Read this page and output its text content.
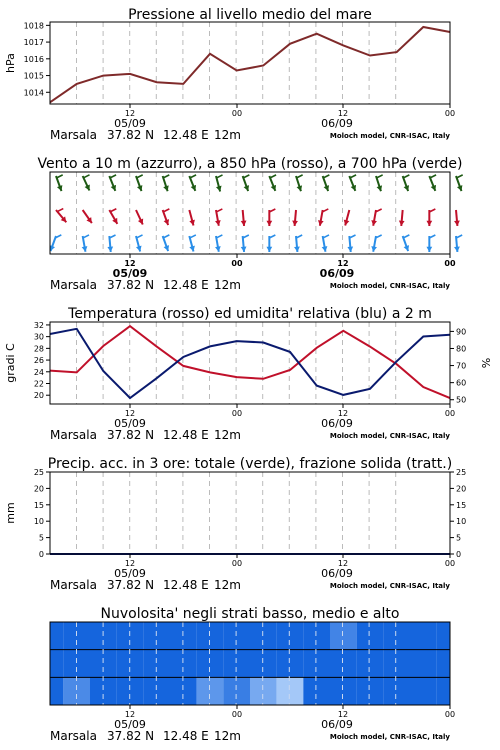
Pressione al livello medio del mare
1014
1015
1016
1017
1018
hPa
12	00	12	00
05/09	06/09
Marsala 37.82 N 12.48 E 12m	Moloch model, CNR-ISAC, Italy
Vento a 10 m (azzurro), a 850 hPa (rosso), a 700 hPa (verde)
12	00	12	00
05/09	06/09
Marsala 37.82 N 12.48 E 12m	Moloch model, CNR-ISAC, Italy
Temperatura (rosso) ed umidita' relativa (blu) a 2 m
20
22
24
26
28
30
32
50
60
70
80
90
gradi C	%
12	00	12	00
05/09	06/09
Marsala 37.82 N 12.48 E 12m	Moloch model, CNR-ISAC, Italy
Precip. acc. in 3 ore: totale (verde), frazione solida (tratt.)
0	0
5	5
10	10
15	15
20	20
25	25
mm
12	00	12	00
05/09	06/09
Marsala 37.82 N 12.48 E 12m	Moloch model, CNR-ISAC, Italy
Nuvolosita' negli strati basso, medio e alto
12	00	12	00
05/09	06/09
Marsala 37.82 N 12.48 E 12m	Moloch model, CNR-ISAC, Italy
